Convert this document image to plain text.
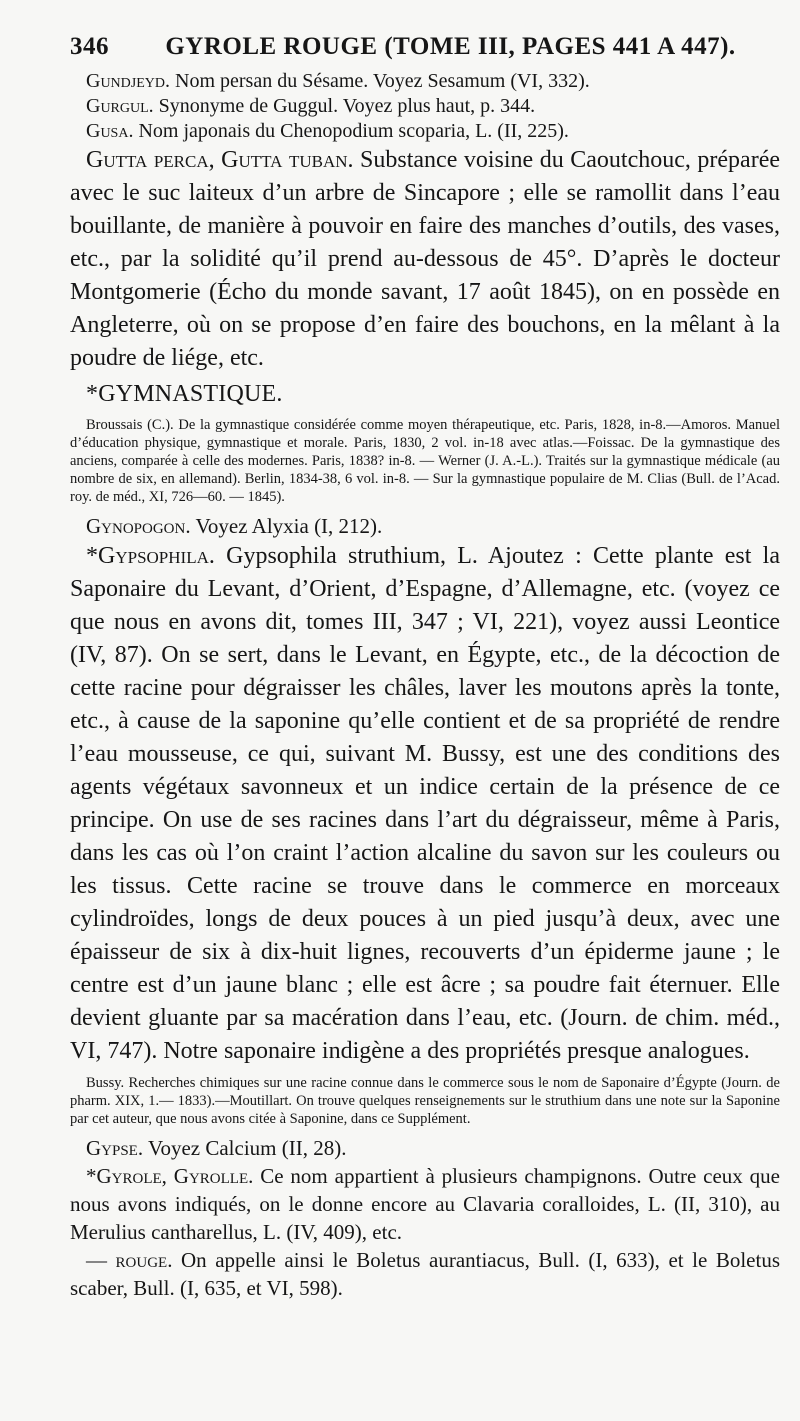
346	GYROLE ROUGE (TOME III, PAGES 441 A 447).

Gundjeyd. Nom persan du Sésame. Voyez Sesamum (VI, 332).

Gurgul. Synonyme de Guggul. Voyez plus haut, p. 344.

Gusa. Nom japonais du Chenopodium scoparia, L. (II, 225).

Gutta perca, Gutta tuban. Substance voisine du Caoutchouc, préparée avec le suc laiteux d’un arbre de Sincapore ; elle se ramollit dans l’eau bouillante, de manière à pouvoir en faire des manches d’outils, des vases, etc., par la solidité qu’il prend au-dessous de 45°. D’après le docteur Montgomerie (Écho du monde savant, 17 août 1845), on en possède en Angleterre, où on se propose d’en faire des bouchons, en la mêlant à la poudre de liége, etc.

*GYMNASTIQUE.

Broussais (C.). De la gymnastique considérée comme moyen thérapeutique, etc. Paris, 1828, in-8.—Amoros. Manuel d’éducation physique, gymnastique et morale. Paris, 1830, 2 vol. in-18 avec atlas.—Foissac. De la gymnastique des anciens, comparée à celle des modernes. Paris, 1838? in-8. — Werner (J. A.-L.). Traités sur la gymnastique médicale (au nombre de six, en allemand). Berlin, 1834-38, 6 vol. in-8. — Sur la gymnastique populaire de M. Clias (Bull. de l’Acad. roy. de méd., XI, 726—60. — 1845).

Gynopogon. Voyez Alyxia (I, 212).

*Gypsophila. Gypsophila struthium, L. Ajoutez : Cette plante est la Saponaire du Levant, d’Orient, d’Espagne, d’Allemagne, etc. (voyez ce que nous en avons dit, tomes III, 347 ; VI, 221), voyez aussi Leontice (IV, 87). On se sert, dans le Levant, en Égypte, etc., de la décoction de cette racine pour dégraisser les châles, laver les moutons après la tonte, etc., à cause de la saponine qu’elle contient et de sa propriété de rendre l’eau mousseuse, ce qui, suivant M. Bussy, est une des conditions des agents végétaux savonneux et un indice certain de la présence de ce principe. On use de ses racines dans l’art du dégraisseur, même à Paris, dans les cas où l’on craint l’action alcaline du savon sur les couleurs ou les tissus. Cette racine se trouve dans le commerce en morceaux cylindroïdes, longs de deux pouces à un pied jusqu’à deux, avec une épaisseur de six à dix-huit lignes, recouverts d’un épiderme jaune ; le centre est d’un jaune blanc ; elle est âcre ; sa poudre fait éternuer. Elle devient gluante par sa macération dans l’eau, etc. (Journ. de chim. méd., VI, 747). Notre saponaire indigène a des propriétés presque analogues.

Bussy. Recherches chimiques sur une racine connue dans le commerce sous le nom de Saponaire d’Égypte (Journ. de pharm. XIX, 1.— 1833).—Moutillart. On trouve quelques renseignements sur le struthium dans une note sur la Saponine par cet auteur, que nous avons citée à Saponine, dans ce Supplément.

Gypse. Voyez Calcium (II, 28).

*Gyrole, Gyrolle. Ce nom appartient à plusieurs champignons. Outre ceux que nous avons indiqués, on le donne encore au Clavaria coralloides, L. (II, 310), au Merulius cantharellus, L. (IV, 409), etc.

— rouge. On appelle ainsi le Boletus aurantiacus, Bull. (I, 633), et le Boletus scaber, Bull. (I, 635, et VI, 598).
